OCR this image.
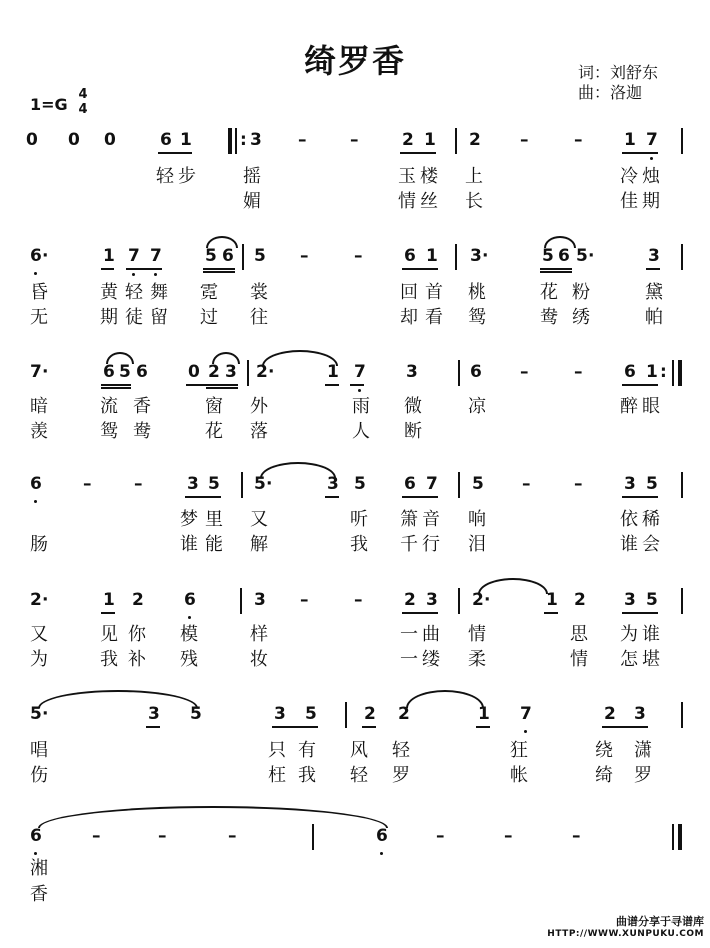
绮罗香	词：刘舒东
曲：洛迦
1=G
4
4
0 0 0	6 1	: 3 –	–	2 1 2 –	– 1 7
轻 步	摇	玉 楼 上	冷 烛
媚	情 丝 长	佳 期
6 ·	1 7 7	5 6 5 –	– 6 1 3 ·	5 6 5 ·	3
昏	黄 轻 舞 霓 裳	回 首 桃	花 粉	黛
无	期 徒 留 过 往	却 看 鸳	鸯 绣	帕
7 ·	6 5 6 0 2 3 2 ·	1 7 3	6 –	– 6 1 :
暗	流 香	窗 外	雨 微	凉	醉 眼
羡	鸳 鸯	花 落	人 断
6 –	–	3 5 5 ·	3 5 6 7 5 –	– 3 5
梦 里 又	听 箫 音 响	依 稀
肠	谁 能 解	我 千 行 泪	谁 会
2 ·	1 2 6	3 –	– 2 3 2 ·	1 2 3 5
又	见 你 模	样	一 曲 情	思 为 谁
为	我 补 残	妆	一 缕 柔	情 怎 堪
5 ·	3 5	3 5	2 2	1 7	2 3
唱	只 有 风 轻	狂	绕 潇
伤	枉 我 轻 罗	帐	绮 罗
6	–	–	–	6	–	–	–
湘
香
曲谱分享于寻谱库
HTTP://WWW.XUNPUKU.COM
